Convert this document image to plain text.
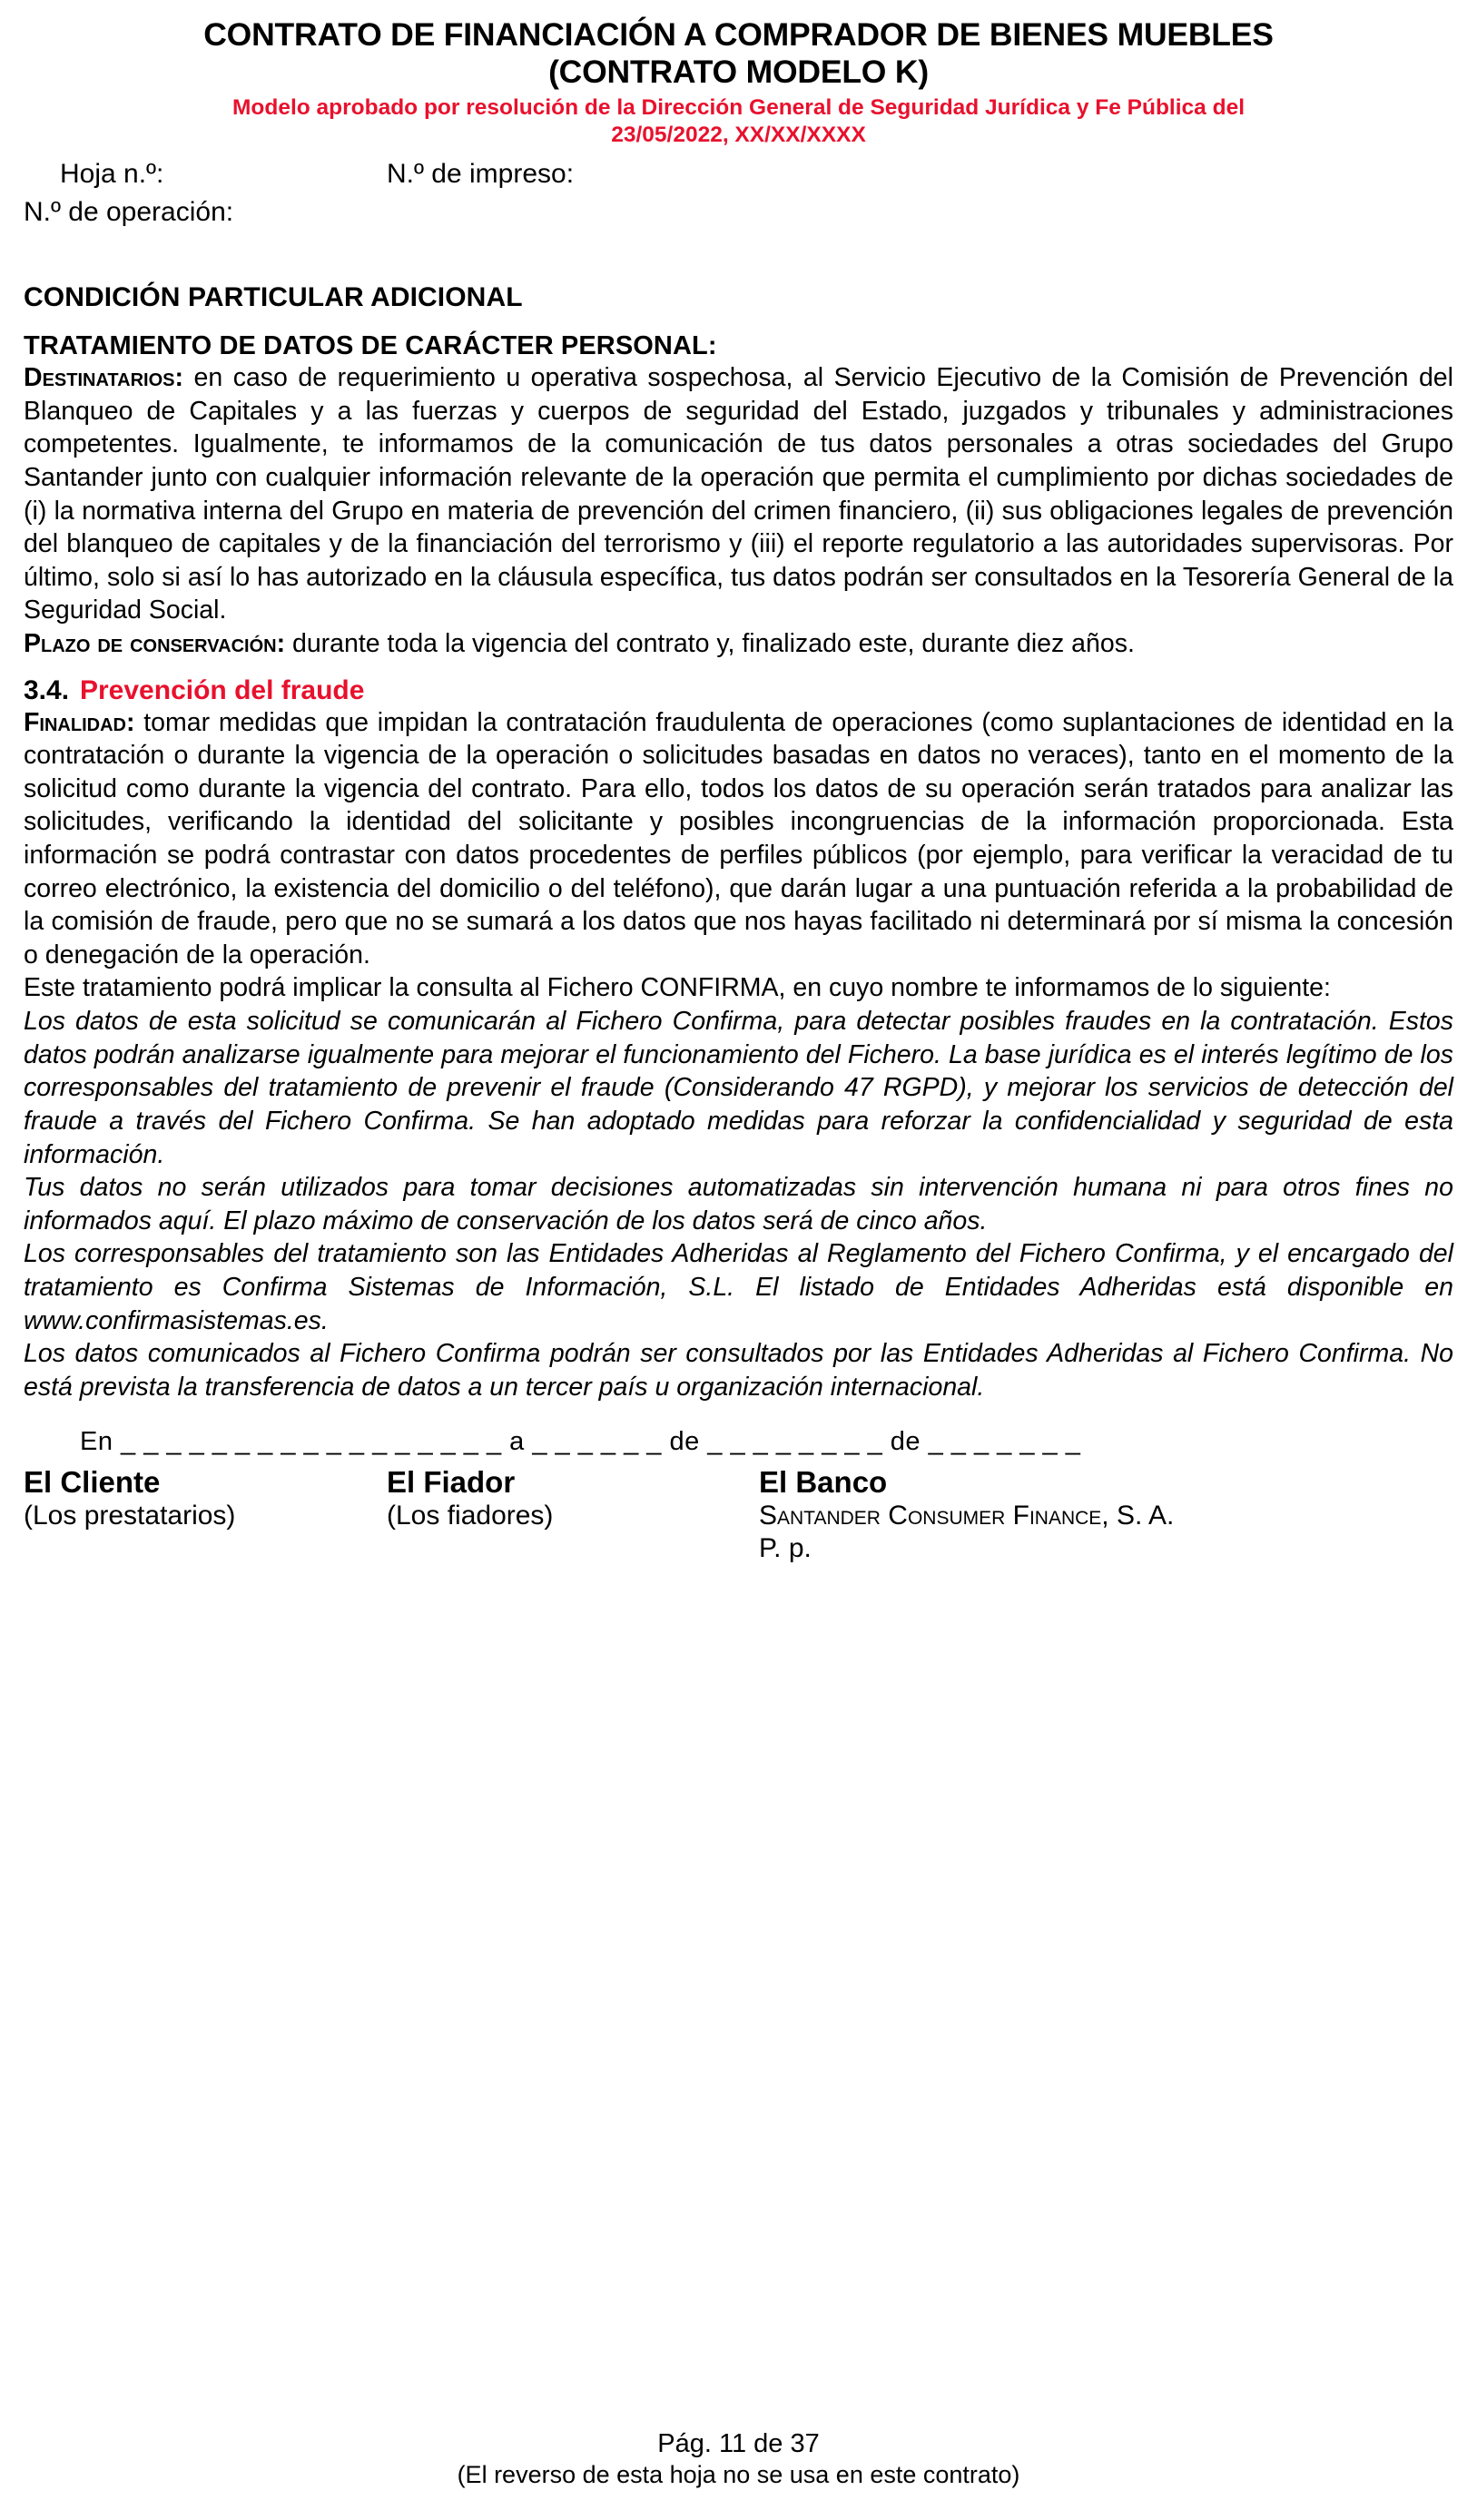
CONTRATO DE FINANCIACIÓN A COMPRADOR DE BIENES MUEBLES
(CONTRATO MODELO K)
Modelo aprobado por resolución de la Dirección General de Seguridad Jurídica y Fe Pública del
23/05/2022, XX/XX/XXXX
Hoja n.º:	N.º de impreso:
N.º de operación:
CONDICIÓN PARTICULAR ADICIONAL
TRATAMIENTO DE DATOS DE CARÁCTER PERSONAL:

Destinatarios: en caso de requerimiento u operativa sospechosa, al Servicio Ejecutivo de la Comisión de Prevención del Blanqueo de Capitales y a las fuerzas y cuerpos de seguridad del Estado, juzgados y tribunales y administraciones competentes. Igualmente, te informamos de la comunicación de tus datos personales a otras sociedades del Grupo Santander junto con cualquier información relevante de la operación que permita el cumplimiento por dichas sociedades de (i) la normativa interna del Grupo en materia de prevención del crimen financiero, (ii) sus obligaciones legales de prevención del blanqueo de capitales y de la financiación del terrorismo y (iii) el reporte regulatorio a las autoridades supervisoras. Por último, solo si así lo has autorizado en la cláusula específica, tus datos podrán ser consultados en la Tesorería General de la Seguridad Social.

Plazo de conservación: durante toda la vigencia del contrato y, finalizado este, durante diez años.

3.4. Prevención del fraude

Finalidad: tomar medidas que impidan la contratación fraudulenta de operaciones (como suplantaciones de identidad en la contratación o durante la vigencia de la operación o solicitudes basadas en datos no veraces), tanto en el momento de la solicitud como durante la vigencia del contrato. Para ello, todos los datos de su operación serán tratados para analizar las solicitudes, verificando la identidad del solicitante y posibles incongruencias de la información proporcionada. Esta información se podrá contrastar con datos procedentes de perfiles públicos (por ejemplo, para verificar la veracidad de tu correo electrónico, la existencia del domicilio o del teléfono), que darán lugar a una puntuación referida a la probabilidad de la comisión de fraude, pero que no se sumará a los datos que nos hayas facilitado ni determinará por sí misma la concesión o denegación de la operación.

Este tratamiento podrá implicar la consulta al Fichero CONFIRMA, en cuyo nombre te informamos de lo siguiente:

Los datos de esta solicitud se comunicarán al Fichero Confirma, para detectar posibles fraudes en la contratación. Estos datos podrán analizarse igualmente para mejorar el funcionamiento del Fichero. La base jurídica es el interés legítimo de los corresponsables del tratamiento de prevenir el fraude (Considerando 47 RGPD), y mejorar los servicios de detección del fraude a través del Fichero Confirma. Se han adoptado medidas para reforzar la confidencialidad y seguridad de esta información.

Tus datos no serán utilizados para tomar decisiones automatizadas sin intervención humana ni para otros fines no informados aquí. El plazo máximo de conservación de los datos será de cinco años.

Los corresponsables del tratamiento son las Entidades Adheridas al Reglamento del Fichero Confirma, y el encargado del tratamiento es Confirma Sistemas de Información, S.L. El listado de Entidades Adheridas está disponible en www.confirmasistemas.es.

Los datos comunicados al Fichero Confirma podrán ser consultados por las Entidades Adheridas al Fichero Confirma. No está prevista la transferencia de datos a un tercer país u organización internacional.

En _ _ _ _ _ _ _ _ _ _ _ _ _ _ _ _ _ a _ _ _ _ _ _ de _ _ _ _ _ _ _ _ de _ _ _ _ _ _ _
El Cliente
(Los prestatarios)
El Fiador
(Los fiadores)
El Banco
Santander Consumer Finance, S. A.
P. p.
Pág. 11 de 37
(El reverso de esta hoja no se usa en este contrato)
